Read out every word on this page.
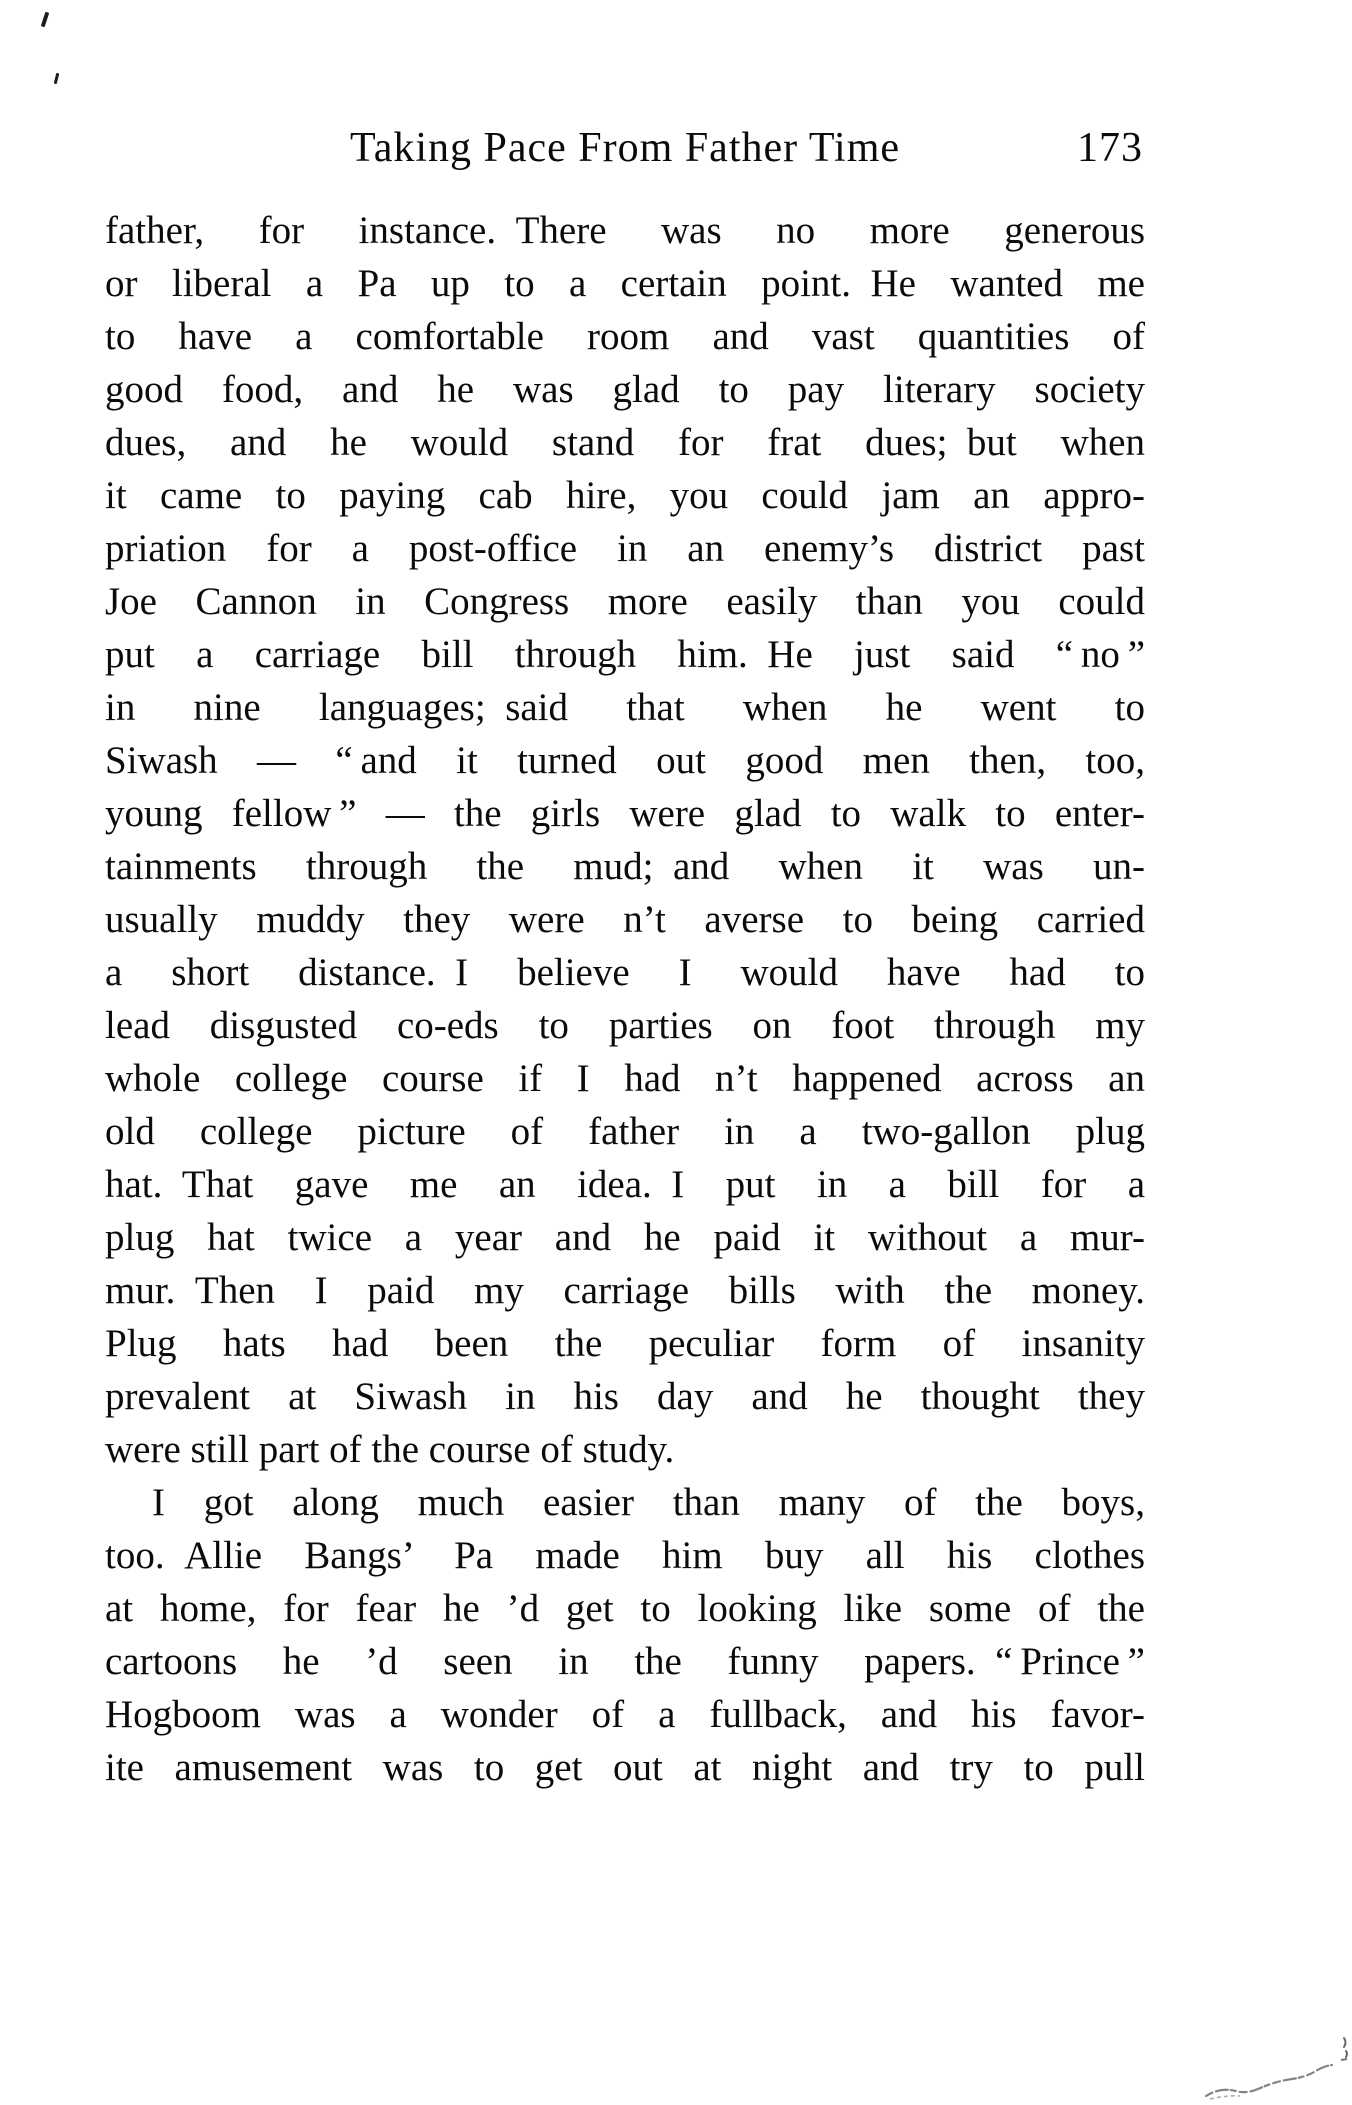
Taking Pace From Father Time	173
father, for instance. There was no more generous
or liberal a Pa up to a certain point. He wanted me
to have a comfortable room and vast quantities of
good food, and he was glad to pay literary society
dues, and he would stand for frat dues; but when
it came to paying cab hire, you could jam an appro-
priation for a post-office in an enemy’s district past
Joe Cannon in Congress more easily than you could
put a carriage bill through him. He just said “ no ”
in nine languages; said that when he went to
Siwash — “ and it turned out good men then, too,
young fellow ” — the girls were glad to walk to enter-
tainments through the mud; and when it was un-
usually muddy they were n’t averse to being carried
a short distance. I believe I would have had to
lead disgusted co-eds to parties on foot through my
whole college course if I had n’t happened across an
old college picture of father in a two-gallon plug
hat. That gave me an idea. I put in a bill for a
plug hat twice a year and he paid it without a mur-
mur. Then I paid my carriage bills with the money.
Plug hats had been the peculiar form of insanity
prevalent at Siwash in his day and he thought they
were still part of the course of study.
I got along much easier than many of the boys,
too. Allie Bangs’ Pa made him buy all his clothes
at home, for fear he ’d get to looking like some of the
cartoons he ’d seen in the funny papers. “ Prince ”
Hogboom was a wonder of a fullback, and his favor-
ite amusement was to get out at night and try to pull
